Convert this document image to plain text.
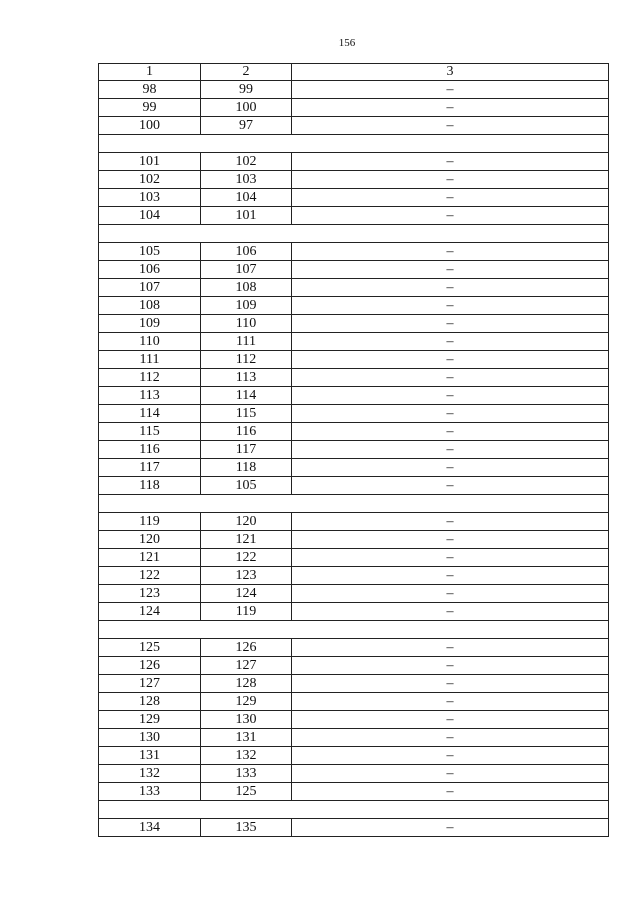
156
1	2	3
98	99	–
99	100	–
100	97	–

101	102	–
102	103	–
103	104	–
104	101	–

105	106	–
106	107	–
107	108	–
108	109	–
109	110	–
110	111	–
111	112	–
112	113	–
113	114	–
114	115	–
115	116	–
116	117	–
117	118	–
118	105	–

119	120	–
120	121	–
121	122	–
122	123	–
123	124	–
124	119	–

125	126	–
126	127	–
127	128	–
128	129	–
129	130	–
130	131	–
131	132	–
132	133	–
133	125	–

134	135	–
